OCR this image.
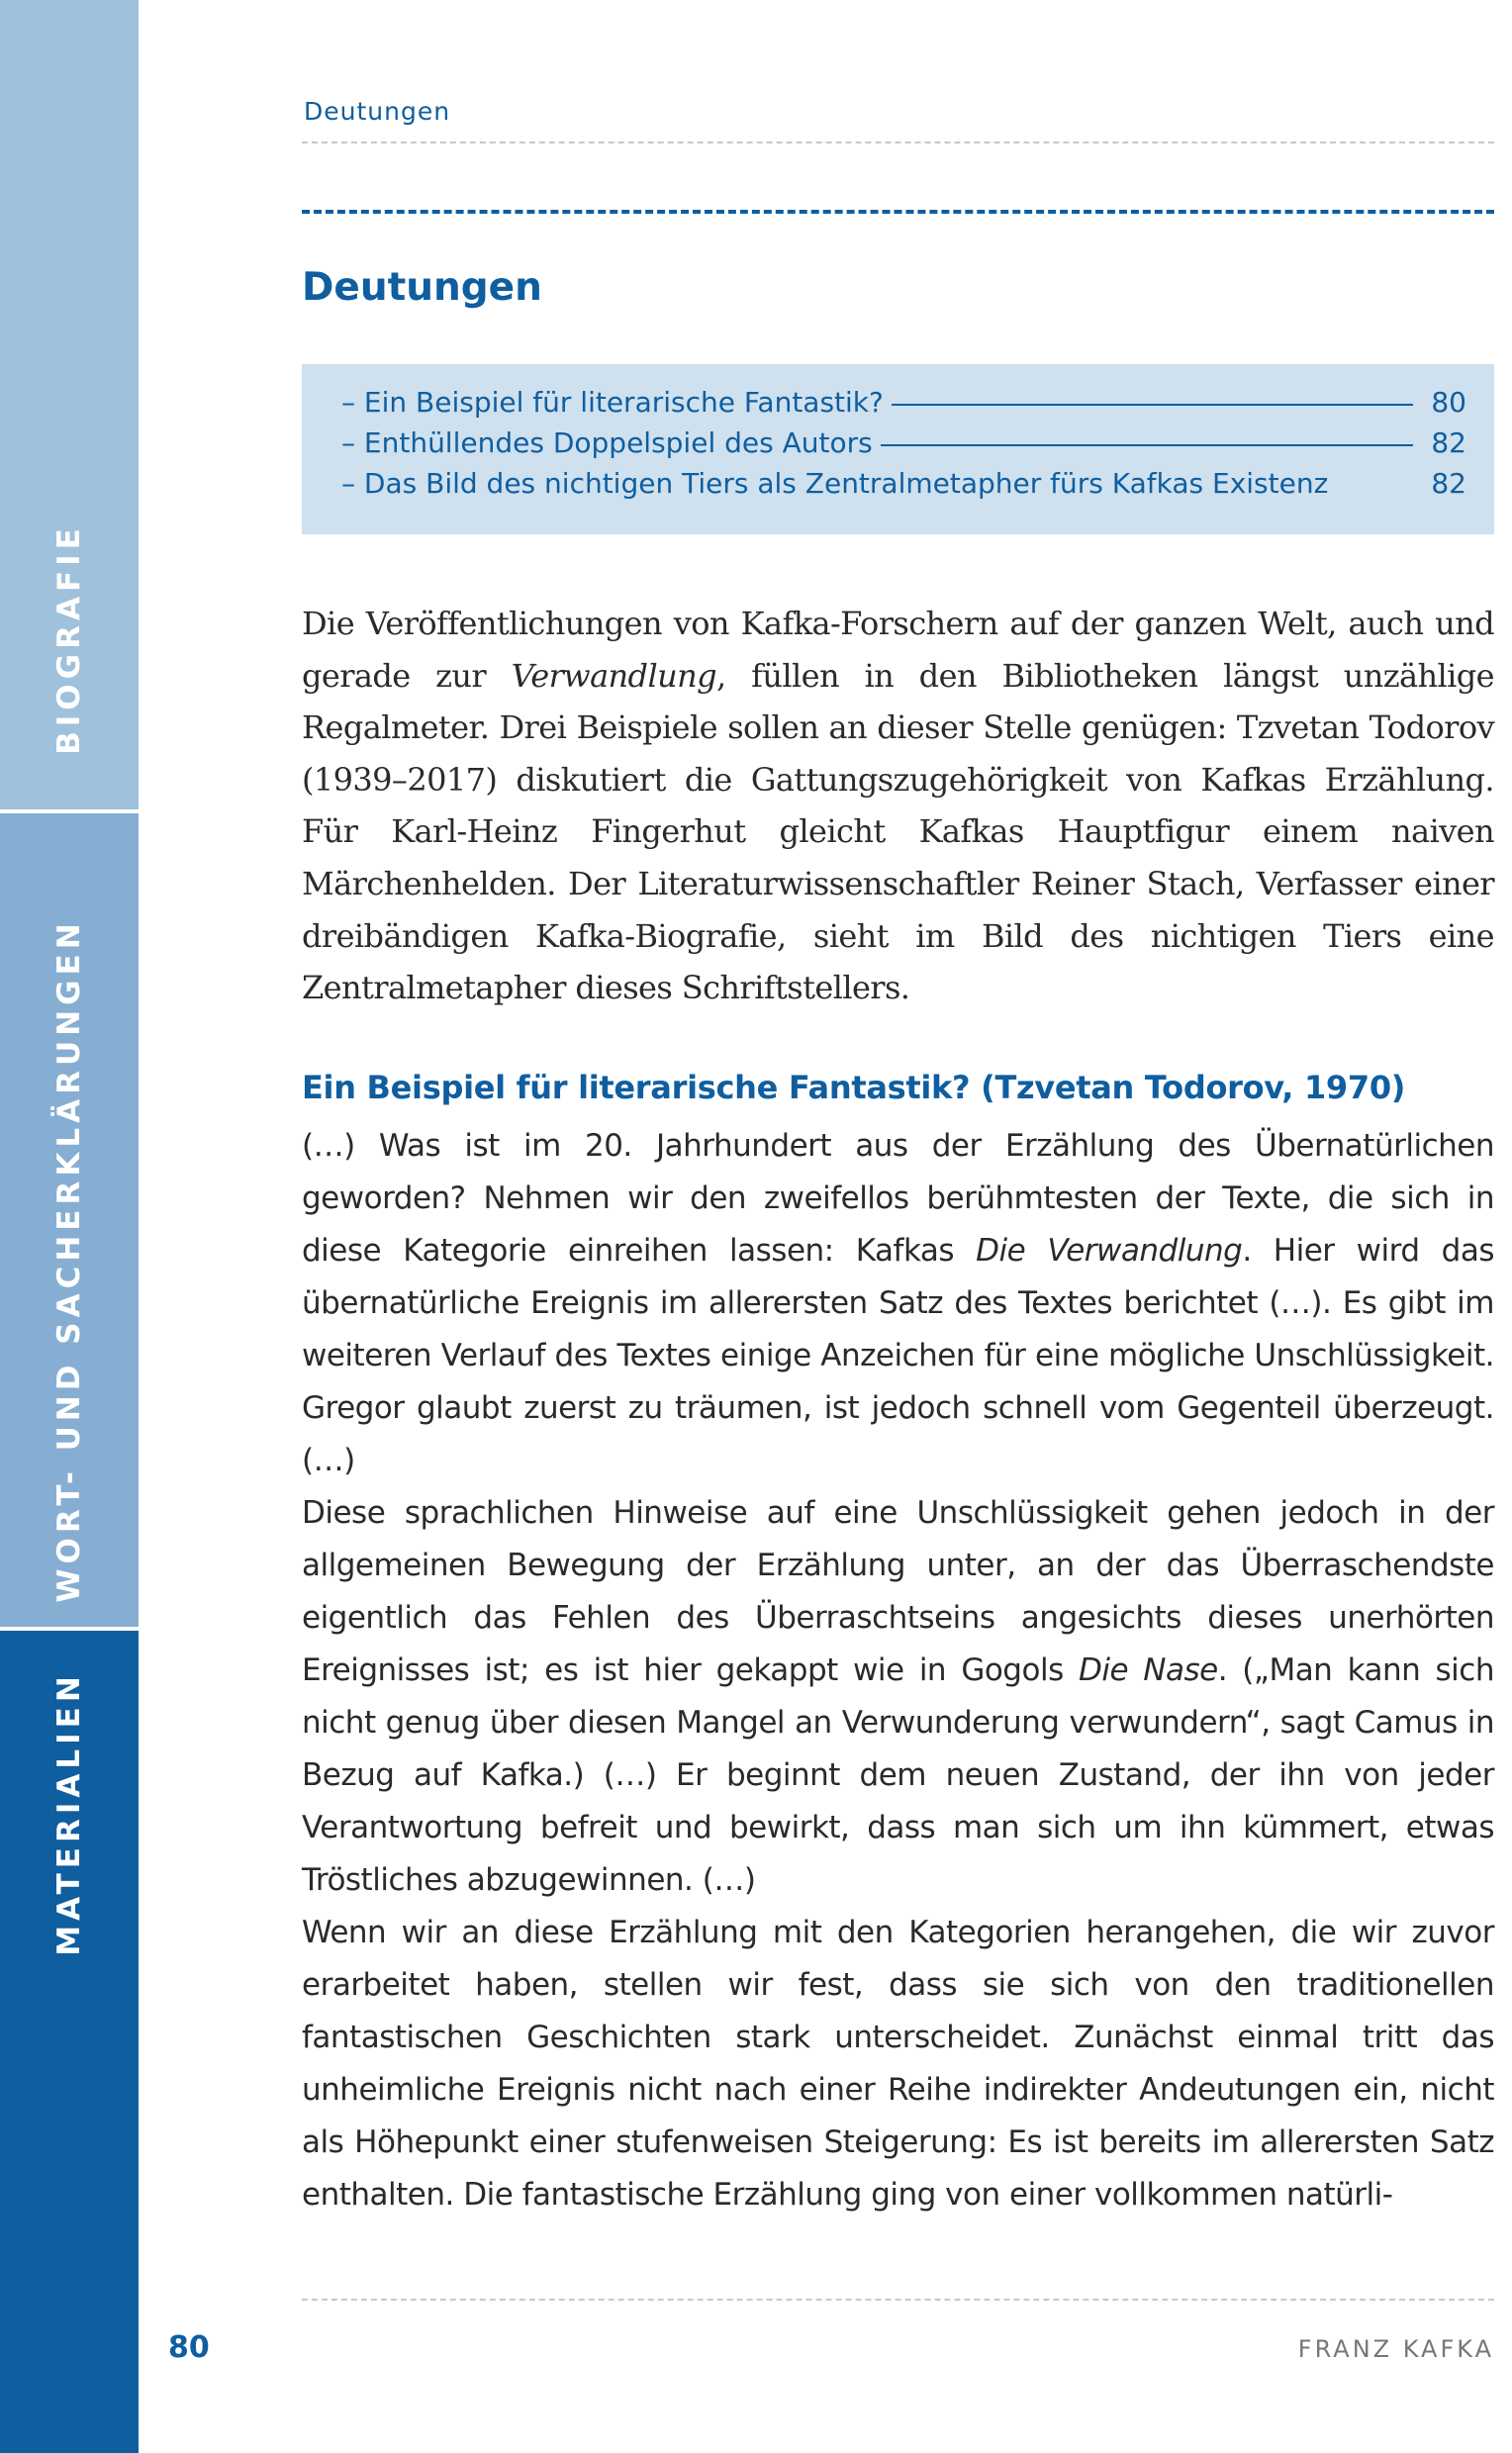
BIOGRAFIE
WORT- UND SACHERKLÄRUNGEN
MATERIALIEN
Deutungen
Deutungen
– Ein Beispiel für literarische Fantastik?	80
– Enthüllendes Doppelspiel des Autors	82
– Das Bild des nichtigen Tiers als Zentralmetapher fürs Kafkas Existenz	82
Die Veröffentlichungen von Kafka-Forschern auf der ganzen Welt, auch und gerade zur Verwandlung, füllen in den Bibliotheken längst unzählige Regalmeter. Drei Beispiele sollen an dieser Stelle genügen: Tzvetan Todorov (1939–2017) diskutiert die Gattungszugehörigkeit von Kafkas Erzählung. Für Karl-Heinz Fingerhut gleicht Kafkas Hauptfigur einem naiven Märchenhelden. Der Literaturwissenschaftler Reiner Stach, Verfasser einer dreibändigen Kafka-Biografie, sieht im Bild des nichtigen Tiers eine Zentralmetapher dieses Schriftstellers.
Ein Beispiel für literarische Fantastik? (Tzvetan Todorov, 1970)

(…) Was ist im 20. Jahrhundert aus der Erzählung des Übernatürlichen geworden? Nehmen wir den zweifellos berühmtesten der Texte, die sich in diese Kategorie einreihen lassen: Kafkas Die Verwandlung. Hier wird das übernatürliche Ereignis im allerersten Satz des Textes berichtet (…). Es gibt im weiteren Verlauf des Textes einige Anzeichen für eine mögliche Unschlüssigkeit. Gregor glaubt zuerst zu träumen, ist jedoch schnell vom Gegenteil überzeugt. (…)

Diese sprachlichen Hinweise auf eine Unschlüssigkeit gehen jedoch in der allgemeinen Bewegung der Erzählung unter, an der das Überraschendste eigentlich das Fehlen des Überraschtseins angesichts dieses unerhörten Ereignisses ist; es ist hier gekappt wie in Gogols Die Nase. („Man kann sich nicht genug über diesen Mangel an Verwunderung verwundern“, sagt Camus in Bezug auf Kafka.) (…) Er beginnt dem neuen Zustand, der ihn von jeder Verantwortung befreit und bewirkt, dass man sich um ihn kümmert, etwas Tröstliches abzugewinnen. (…)

Wenn wir an diese Erzählung mit den Kategorien herangehen, die wir zuvor erarbeitet haben, stellen wir fest, dass sie sich von den traditionellen fantastischen Geschichten stark unterscheidet. Zunächst einmal tritt das unheimliche Ereignis nicht nach einer Reihe indirekter Andeutungen ein, nicht als Höhepunkt einer stufenweisen Steigerung: Es ist bereits im allerersten Satz enthalten. Die fantastische Erzählung ging von einer vollkommen natürli-

80	FRANZ KAFKA
